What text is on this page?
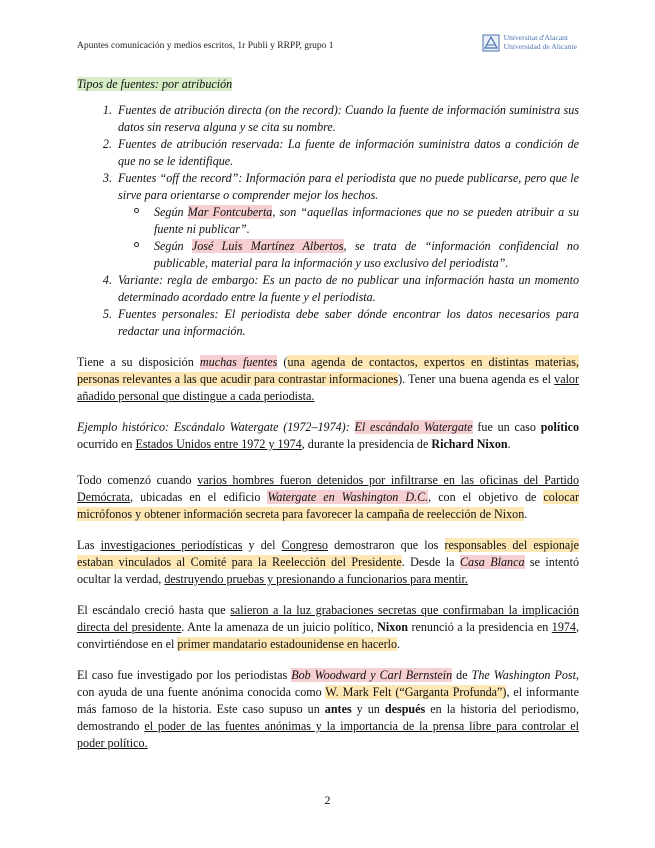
Apuntes comunicación y medios escritos, 1r Publi y RRPP, grupo 1
Universitat d'Alacant
Universidad de Alicante

Tipos de fuentes: por atribución

1. Fuentes de atribución directa (on the record): Cuando la fuente de información suministra sus datos sin reserva alguna y se cita su nombre.
2. Fuentes de atribución reservada: La fuente de información suministra datos a condición de que no se le identifique.
3. Fuentes “off the record”: Información para el periodista que no puede publicarse, pero que le sirve para orientarse o comprender mejor los hechos.
Según Mar Fontcuberta, son “aquellas informaciones que no se pueden atribuir a su fuente ni publicar”.
Según José Luis Martínez Albertos, se trata de “información confidencial no publicable, material para la información y uso exclusivo del periodista”.
4. Variante: regla de embargo: Es un pacto de no publicar una información hasta un momento determinado acordado entre la fuente y el periodista.
5. Fuentes personales: El periodista debe saber dónde encontrar los datos necesarios para redactar una información.

Tiene a su disposición muchas fuentes (una agenda de contactos, expertos en distintas materias, personas relevantes a las que acudir para contrastar informaciones). Tener una buena agenda es el valor añadido personal que distingue a cada periodista.

Ejemplo histórico: Escándalo Watergate (1972–1974): El escándalo Watergate fue un caso político ocurrido en Estados Unidos entre 1972 y 1974, durante la presidencia de Richard Nixon.

Todo comenzó cuando varios hombres fueron detenidos por infiltrarse en las oficinas del Partido Demócrata, ubicadas en el edificio Watergate en Washington D.C., con el objetivo de colocar micrófonos y obtener información secreta para favorecer la campaña de reelección de Nixon.

Las investigaciones periodísticas y del Congreso demostraron que los responsables del espionaje estaban vinculados al Comité para la Reelección del Presidente. Desde la Casa Blanca se intentó ocultar la verdad, destruyendo pruebas y presionando a funcionarios para mentir.

El escándalo creció hasta que salieron a la luz grabaciones secretas que confirmaban la implicación directa del presidente. Ante la amenaza de un juicio político, Nixon renunció a la presidencia en 1974, convirtiéndose en el primer mandatario estadounidense en hacerlo.

El caso fue investigado por los periodistas Bob Woodward y Carl Bernstein de The Washington Post, con ayuda de una fuente anónima conocida como W. Mark Felt (“Garganta Profunda”), el informante más famoso de la historia. Este caso supuso un antes y un después en la historia del periodismo, demostrando el poder de las fuentes anónimas y la importancia de la prensa libre para controlar el poder político.

2
